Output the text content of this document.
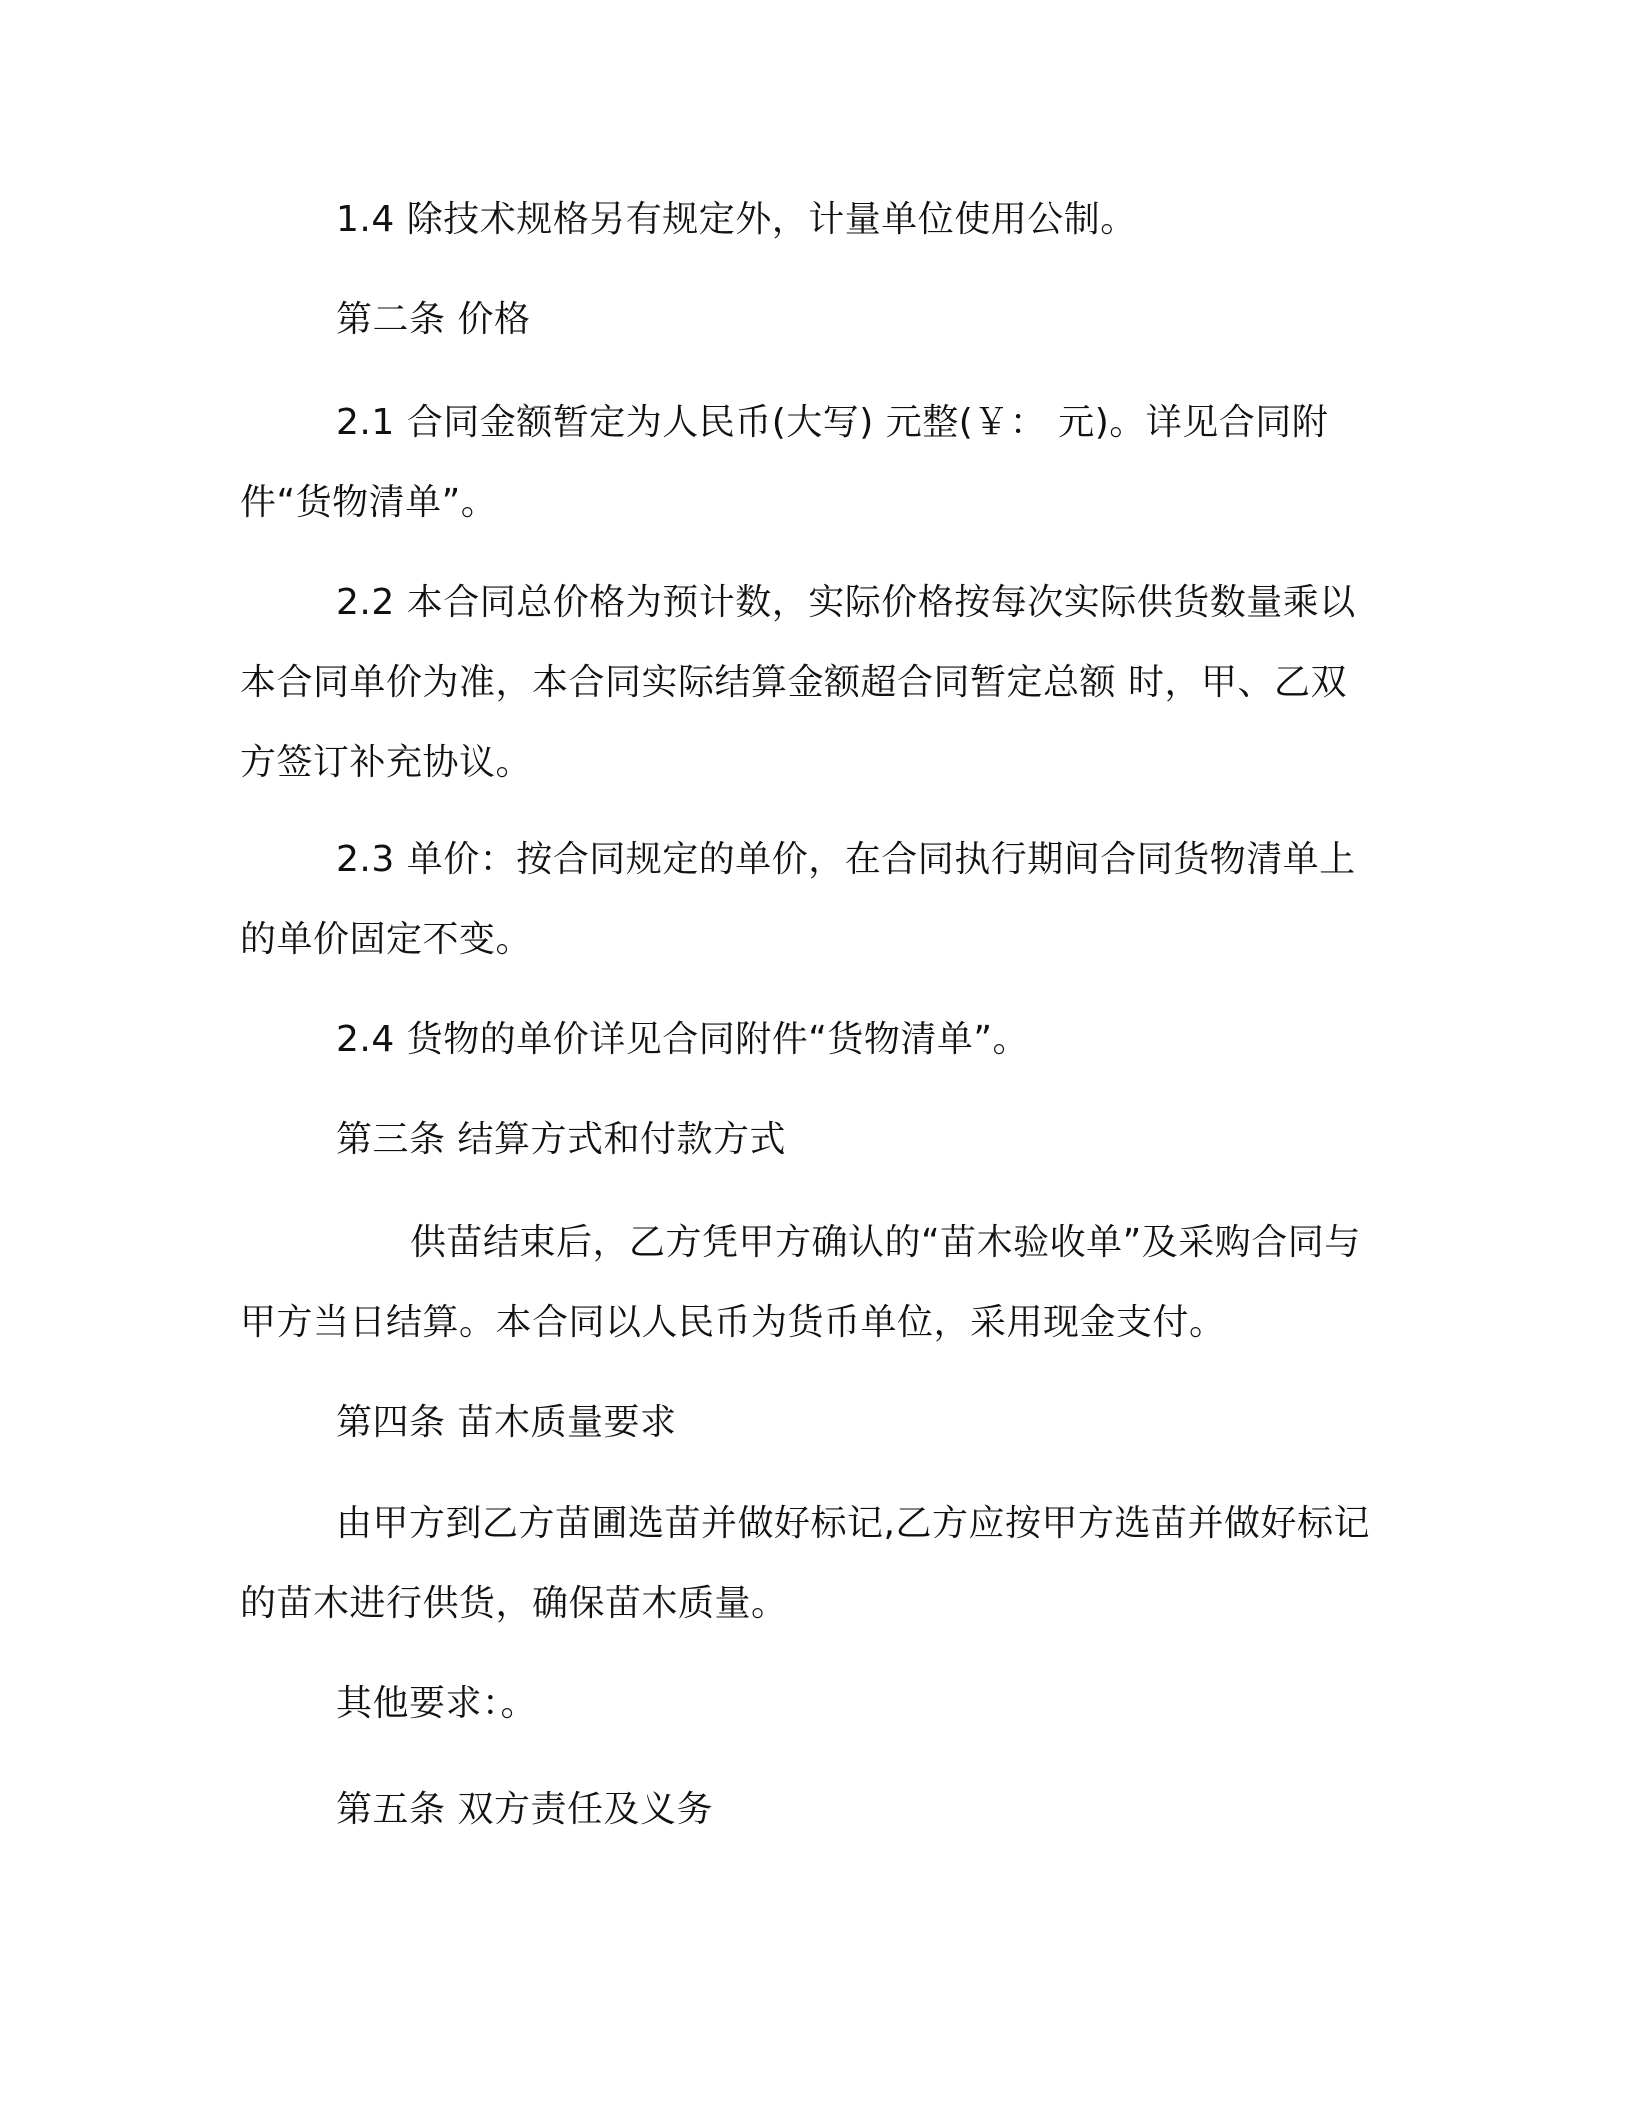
1.4 除技术规格另有规定外，计量单位使用公制。

第二条 价格

2.1 合同金额暂定为人民币(大写) 元整(￥： 元)。详见合同附件“货物清单”。

2.2 本合同总价格为预计数，实际价格按每次实际供货数量乘以本合同单价为准，本合同实际结算金额超合同暂定总额 时，甲、乙双方签订补充协议。

2.3 单价：按合同规定的单价，在合同执行期间合同货物清单上的单价固定不变。

2.4 货物的单价详见合同附件“货物清单”。

第三条 结算方式和付款方式

供苗结束后，乙方凭甲方确认的“苗木验收单”及采购合同与甲方当日结算。本合同以人民币为货币单位，采用现金支付。

第四条 苗木质量要求

由甲方到乙方苗圃选苗并做好标记,乙方应按甲方选苗并做好标记的苗木进行供货，确保苗木质量。

其他要求：。

第五条 双方责任及义务
